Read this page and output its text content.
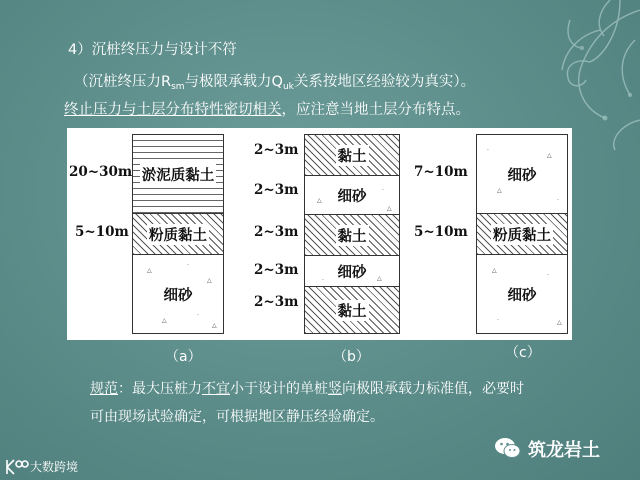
4）沉桩终压力与设计不符
（沉桩终压力$R_{sm}$与极限承载力$Q_{uk}$关系按地区经验较为真实）。
终止压力与土层分布特性密切相关，应注意当地土层分布特点。
20~30m
5~10m
淤泥质黏土
粉质黏土
细砂
2~3m
2~3m
2~3m
2~3m
2~3m
黏土
细砂
黏土
细砂
黏土
7~10m
5~10m
细砂
粉质黏土
细砂
△
·
△
△
·
△
△
·
△
·	△
·
△
△
·
△
·
·	△
（a）	（b）	（c）
规范：最大压桩力不宜小于设计的单桩竖向极限承载力标准值，必要时
可由现场试验确定，可根据地区静压经验确定。
筑龙岩土
大数跨境
